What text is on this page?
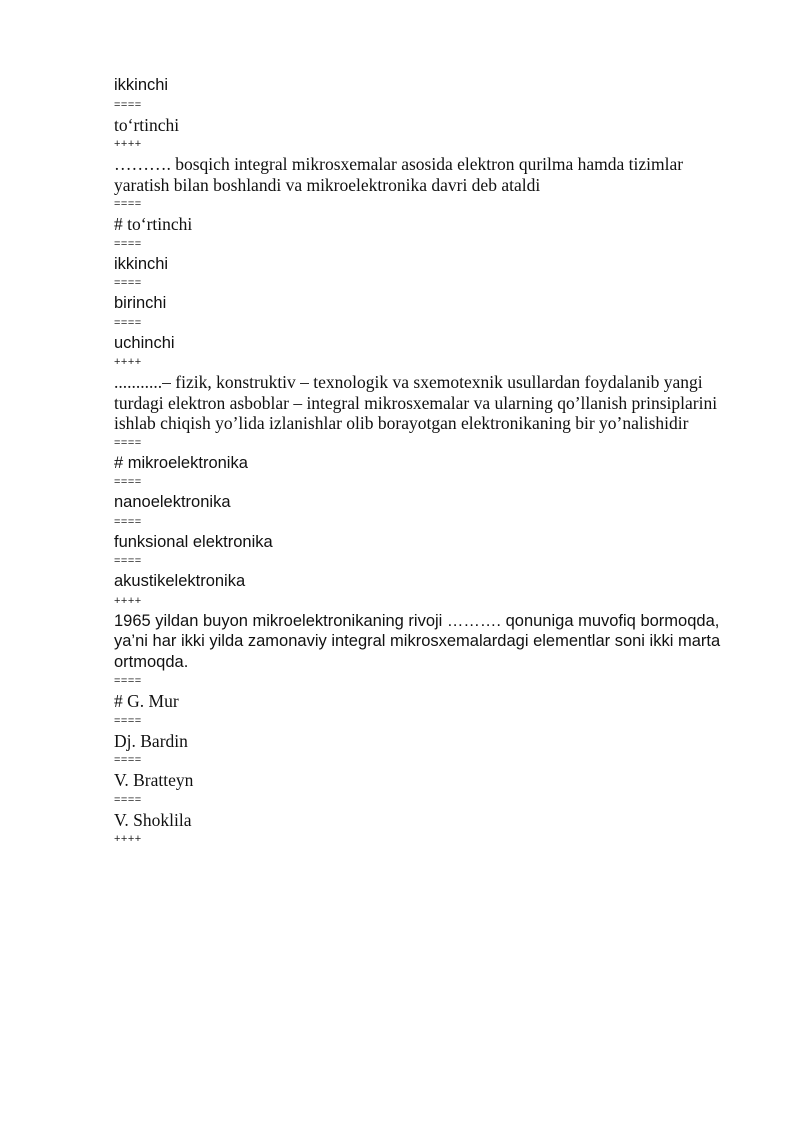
ikkinchi

====

to‘rtinchi

++++

………. bosqich integral mikrosxemalar asosida elektron qurilma hamda tizimlar yaratish bilan boshlandi va mikroelektronika davri deb ataldi

====

# to‘rtinchi

====

ikkinchi

====

birinchi

====

uchinchi

++++

...........– fizik, konstruktiv – texnologik va sxemotexnik usullardan foydalanib yangi turdagi elektron asboblar – integral mikrosxemalar va ularning qo’llanish prinsiplarini ishlab chiqish yo’lida izlanishlar olib borayotgan elektronikaning bir yo’nalishidir

====

# mikroelektronika

====

nanoelektronika

====

funksional elektronika

====

akustikelektronika

++++

1965 yildan buyon mikroelektronikaning rivoji ………. qonuniga muvofiq bormoqda, ya’ni har ikki yilda zamonaviy integral mikrosxemalardagi elementlar soni ikki marta ortmoqda.

====

# G. Mur

====

Dj. Bardin

====

V. Bratteyn

====

V. Shoklila

++++
